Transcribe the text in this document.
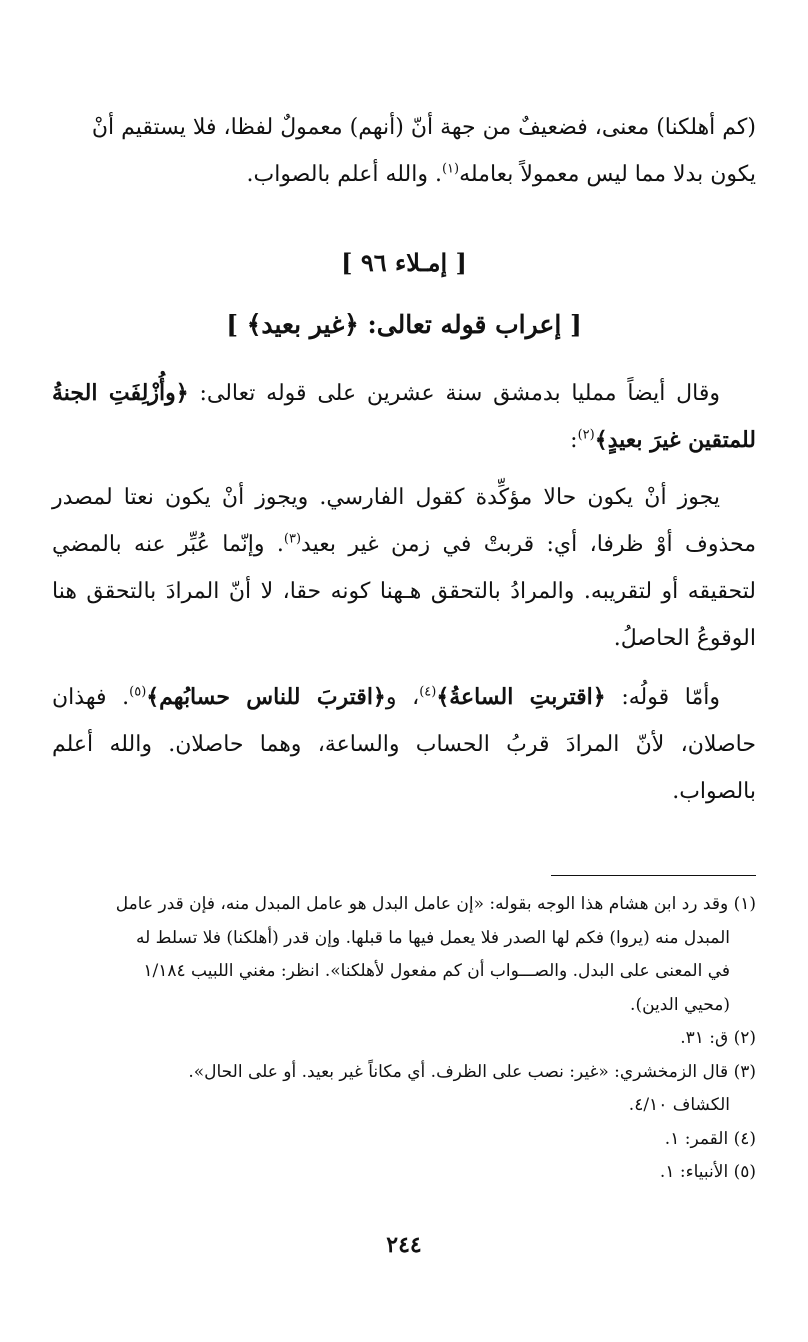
(كم أهلكنا) معنى، فضعيفٌ من جهة أنّ (أنهم) معمولٌ لفظا، فلا يستقيم أنْ

يكون بدلا مما ليس معمولاً بعامله$^{(١)}$. والله أعلم بالصواب.

[ إمـلاء ٩٦ ]
[ إعراب قوله تعالى: ﴿غير بعيد﴾ ]

وقال أيضاً ممليا بدمشق سنة عشرين على قوله تعالى: ﴿وأُزْلِفَتِ الجنةُ للمتقين غيرَ بعيدٍ﴾$^{(٢)}$:

يجوز أنْ يكون حالا مؤكِّدة كقول الفارسي. ويجوز أنْ يكون نعتا لمصدر محذوف أوْ ظرفا، أي: قربتْ في زمن غير بعيد$^{(٣)}$. وإنّما عُبِّر عنه بالمضي لتحقيقه أو لتقريبه. والمرادُ بالتحقق هـهنا كونه حقا، لا أنّ المرادَ بالتحقق هنا الوقوعُ الحاصلُ.

وأمّا قولُه: ﴿اقتربتِ الساعةُ﴾$^{(٤)}$، و﴿اقتربَ للناس حسابُهم﴾$^{(٥)}$. فهذان حاصلان، لأنّ المرادَ قربُ الحساب والساعة، وهما حاصلان. والله أعلم بالصواب.

(١) وقد رد ابن هشام هذا الوجه بقوله: «إن عامل البدل هو عامل المبدل منه، فإن قدر عامل

المبدل منه (يروا) فكم لها الصدر فلا يعمل فيها ما قبلها. وإن قدر (أهلكنا) فلا تسلط له

في المعنى على البدل. والصـــواب أن كم مفعول لأهلكنا». انظر: مغني اللبيب ١/١٨٤

(محيي الدين).

(٢) ق: ٣١.

(٣) قال الزمخشري: «غير: نصب على الظرف. أي مكاناً غير بعيد. أو على الحال».

الكشاف ٤/١٠.

(٤) القمر: ١.

(٥) الأنبياء: ١.

٢٤٤
